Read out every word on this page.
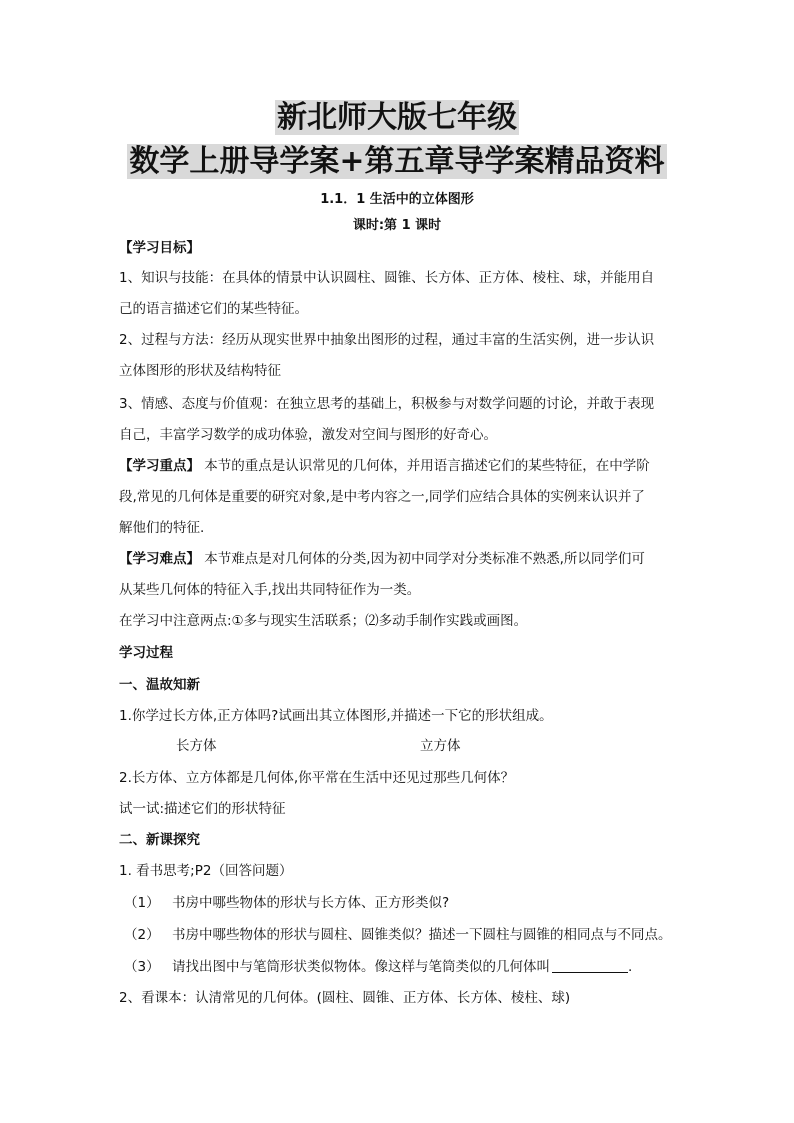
新北师大版七年级
数学上册导学案+第五章导学案精品资料
1.1．1 生活中的立体图形
课时:第 1 课时
【学习目标】
1、知识与技能：在具体的情景中认识圆柱、圆锥、长方体、正方体、棱柱、球，并能用自
己的语言描述它们的某些特征。
2、过程与方法：经历从现实世界中抽象出图形的过程，通过丰富的生活实例，进一步认识
立体图形的形状及结构特征
3、情感、态度与价值观：在独立思考的基础上，积极参与对数学问题的讨论，并敢于表现
自己，丰富学习数学的成功体验，激发对空间与图形的好奇心。
【学习重点】 本节的重点是认识常见的几何体，并用语言描述它们的某些特征，在中学阶
段,常见的几何体是重要的研究对象,是中考内容之一,同学们应结合具体的实例来认识并了
解他们的特征.
【学习难点】 本节难点是对几何体的分类,因为初中同学对分类标准不熟悉,所以同学们可
从某些几何体的特征入手,找出共同特征作为一类。
在学习中注意两点:①多与现实生活联系；⑵多动手制作实践或画图。
学习过程
一、温故知新
1.你学过长方体,正方体吗?试画出其立体图形,并描述一下它的形状组成。
长方体	立方体
2.长方体、立方体都是几何体,你平常在生活中还见过那些几何体？
试一试:描述它们的形状特征
二、新课探究
1. 看书思考;P2（回答问题）
（1） 书房中哪些物体的形状与长方体、正方形类似?
（2） 书房中哪些物体的形状与圆柱、圆锥类似？描述一下圆柱与圆锥的相同点与不同点。
（3） 请找出图中与笔筒形状类似物体。像这样与笔筒类似的几何体叫	.
2、看课本：认清常见的几何体。(圆柱、圆锥、正方体、长方体、棱柱、球)
